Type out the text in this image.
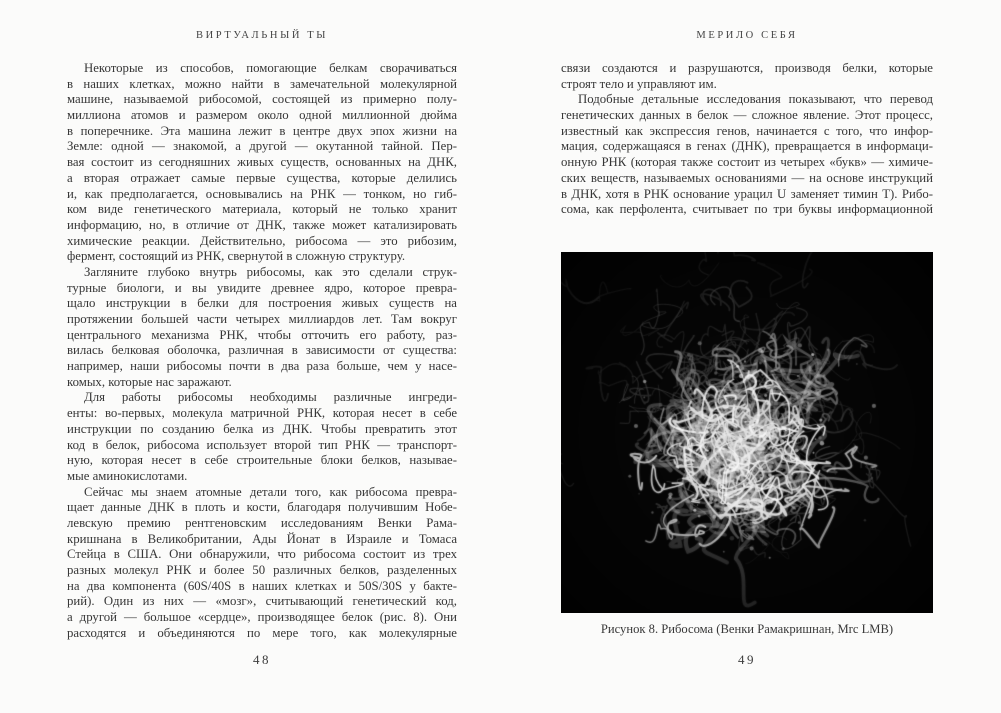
ВИРТУАЛЬНЫЙ ТЫ
Некоторые из способов, помогающие белкам сворачиваться
в наших клетках, можно найти в замечательной молекулярной
машине, называемой рибосомой, состоящей из примерно полу-
миллиона атомов и размером около одной миллионной дюйма
в поперечнике. Эта машина лежит в центре двух эпох жизни на
Земле: одной — знакомой, а другой — окутанной тайной. Пер-
вая состоит из сегодняшних живых существ, основанных на ДНК,
а вторая отражает самые первые существа, которые делились
и, как предполагается, основывались на РНК — тонком, но гиб-
ком виде генетического материала, который не только хранит
информацию, но, в отличие от ДНК, также может катализировать
химические реакции. Действительно, рибосома — это рибозим,
фермент, состоящий из РНК, свернутой в сложную структуру.
Загляните глубоко внутрь рибосомы, как это сделали струк-
турные биологи, и вы увидите древнее ядро, которое превра-
щало инструкции в белки для построения живых существ на
протяжении большей части четырех миллиардов лет. Там вокруг
центрального механизма РНК, чтобы отточить его работу, раз-
вилась белковая оболочка, различная в зависимости от существа:
например, наши рибосомы почти в два раза больше, чем у насе-
комых, которые нас заражают.
Для работы рибосомы необходимы различные ингреди-
енты: во-первых, молекула матричной РНК, которая несет в себе
инструкции по созданию белка из ДНК. Чтобы превратить этот
код в белок, рибосома использует второй тип РНК — транспорт-
ную, которая несет в себе строительные блоки белков, называе-
мые аминокислотами.
Сейчас мы знаем атомные детали того, как рибосома превра-
щает данные ДНК в плоть и кости, благодаря получившим Нобе-
левскую премию рентгеновским исследованиям Венки Рама-
кришнана в Великобритании, Ады Йонат в Израиле и Томаса
Стейца в США. Они обнаружили, что рибосома состоит из трех
разных молекул РНК и более 50 различных белков, разделенных
на два компонента (60S/40S в наших клетках и 50S/30S у бакте-
рий). Один из них — «мозг», считывающий генетический код,
а другой — большое «сердце», производящее белок (рис. 8). Они
расходятся и объединяются по мере того, как молекулярные
48
МЕРИЛО СЕБЯ
связи создаются и разрушаются, производя белки, которые
строят тело и управляют им.
Подобные детальные исследования показывают, что перевод
генетических данных в белок — сложное явление. Этот процесс,
известный как экспрессия генов, начинается с того, что инфор-
мация, содержащаяся в генах (ДНК), превращается в информаци-
онную РНК (которая также состоит из четырех «букв» — химиче-
ских веществ, называемых основаниями — на основе инструкций
в ДНК, хотя в РНК основание урацил U заменяет тимин Т). Рибо-
сома, как перфолента, считывает по три буквы информационной
Рисунок 8. Рибосома (Венки Рамакришнан, Mrc LMB)
49
